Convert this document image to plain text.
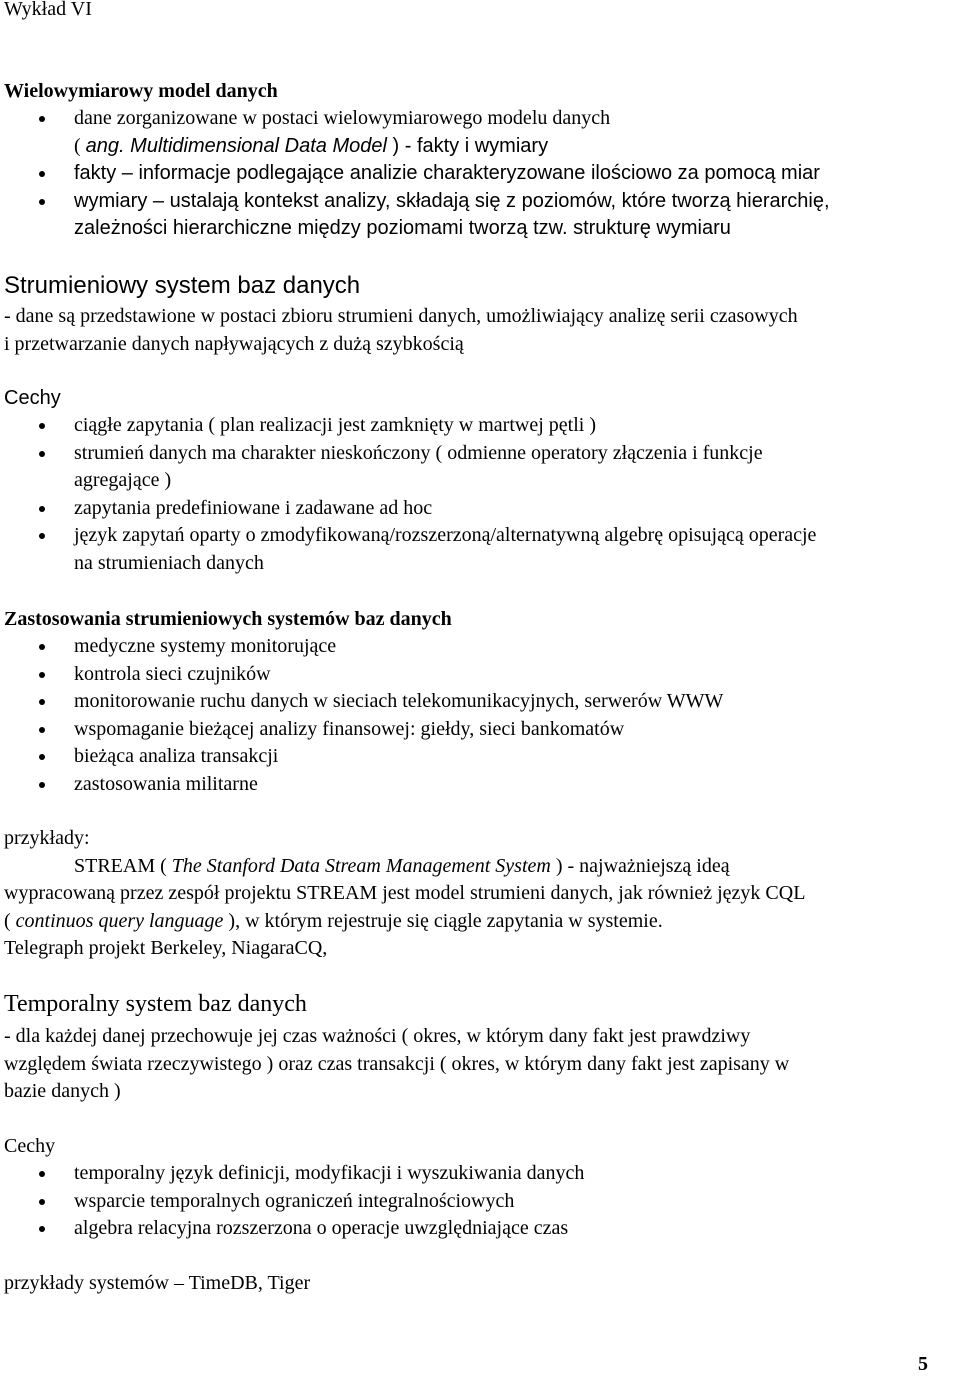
Wykład VI
Wielowymiarowy model danych
dane zorganizowane w postaci wielowymiarowego modelu danych
( ang. Multidimensional Data Model ) - fakty i wymiary
fakty – informacje podlegające analizie charakteryzowane ilościowo za pomocą miar
wymiary – ustalają kontekst analizy, składają się z poziomów, które tworzą hierarchię,
zależności hierarchiczne między poziomami tworzą tzw. strukturę wymiaru
Strumieniowy system baz danych

- dane są przedstawione w postaci zbioru strumieni danych, umożliwiający analizę serii czasowych

i przetwarzanie danych napływających z dużą szybkością

Cechy
ciągłe zapytania ( plan realizacji jest zamknięty w martwej pętli )
strumień danych ma charakter nieskończony ( odmienne operatory złączenia i funkcje
agregające )
zapytania predefiniowane i zadawane ad hoc
język zapytań oparty o zmodyfikowaną/rozszerzoną/alternatywną algebrę opisującą operacje
na strumieniach danych
Zastosowania strumieniowych systemów baz danych
medyczne systemy monitorujące
kontrola sieci czujników
monitorowanie ruchu danych w sieciach telekomunikacyjnych, serwerów WWW
wspomaganie bieżącej analizy finansowej: giełdy, sieci bankomatów
bieżąca analiza transakcji
zastosowania militarne

przykłady:

STREAM ( The Stanford Data Stream Management System ) - najważniejszą ideą

wypracowaną przez zespół projektu STREAM jest model strumieni danych, jak również język CQL

( continuos query language ), w którym rejestruje się ciągle zapytania w systemie.

Telegraph projekt Berkeley, NiagaraCQ,

Temporalny system baz danych

- dla każdej danej przechowuje jej czas ważności ( okres, w którym dany fakt jest prawdziwy

względem świata rzeczywistego ) oraz czas transakcji ( okres, w którym dany fakt jest zapisany w

bazie danych )

Cechy
temporalny język definicji, modyfikacji i wyszukiwania danych
wsparcie temporalnych ograniczeń integralnościowych
algebra relacyjna rozszerzona o operacje uwzględniające czas

przykłady systemów – TimeDB, Tiger

5
